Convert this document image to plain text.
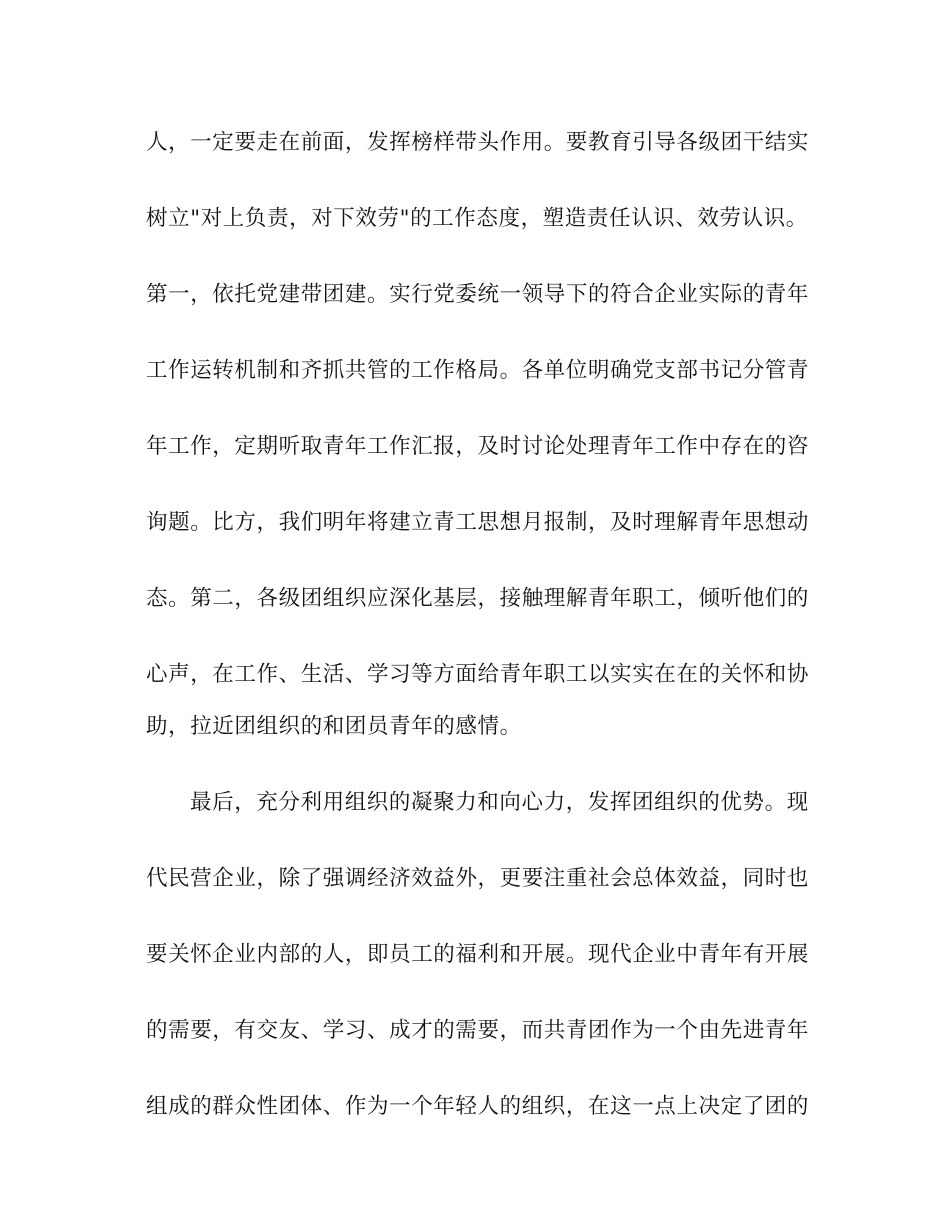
人，一定要走在前面，发挥榜样带头作用。要教育引导各级团干结实
树立"对上负责，对下效劳"的工作态度，塑造责任认识、效劳认识。
第一，依托党建带团建。实行党委统一领导下的符合企业实际的青年
工作运转机制和齐抓共管的工作格局。各单位明确党支部书记分管青
年工作，定期听取青年工作汇报，及时讨论处理青年工作中存在的咨
询题。比方，我们明年将建立青工思想月报制，及时理解青年思想动
态。第二，各级团组织应深化基层，接触理解青年职工，倾听他们的
心声，在工作、生活、学习等方面给青年职工以实实在在的关怀和协
助，拉近团组织的和团员青年的感情。
最后，充分利用组织的凝聚力和向心力，发挥团组织的优势。现
代民营企业，除了强调经济效益外，更要注重社会总体效益，同时也
要关怀企业内部的人，即员工的福利和开展。现代企业中青年有开展
的需要，有交友、学习、成才的需要，而共青团作为一个由先进青年
组成的群众性团体、作为一个年轻人的组织，在这一点上决定了团的
